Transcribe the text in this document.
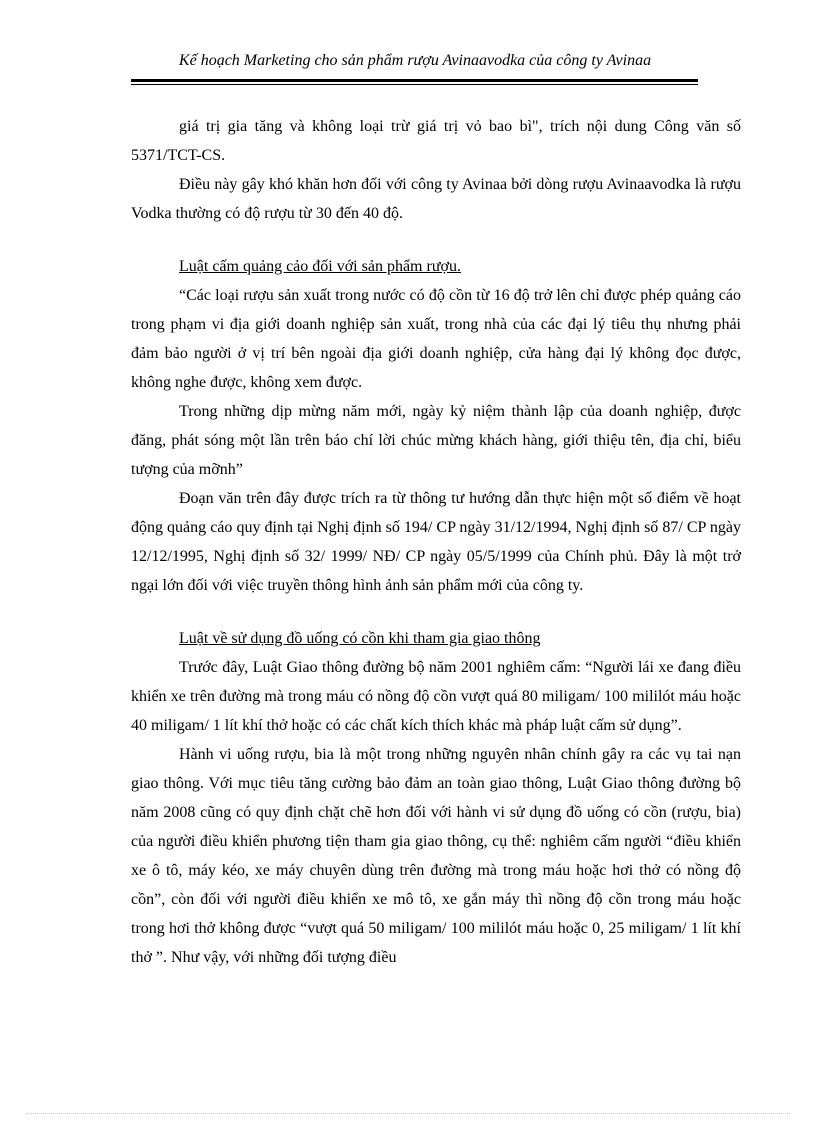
Kế hoạch Marketing cho sản phẩm rượu Avinaavodka của công ty Avinaa

giá trị gia tăng và không loại trừ giá trị vỏ bao bì", trích nội dung Công văn số 5371/TCT-CS.

Điều này gây khó khăn hơn đối với công ty Avinaa bởi dòng rượu Avinaavodka là rượu Vodka thường có độ rượu từ 30 đến 40 độ.

Luật cấm quảng cảo đối với sản phẩm rượu.

“Các loại rượu sản xuất trong nước có độ cồn từ 16 độ trở lên chỉ được phép quảng cáo trong phạm vi địa giới doanh nghiệp sản xuất, trong nhà của các đại lý tiêu thụ nhưng phải đảm bảo người ở vị trí bên ngoài địa giới doanh nghiệp, cửa hàng đại lý không đọc được, không nghe được, không xem được.

Trong những dịp mừng năm mới, ngày kỷ niệm thành lập của doanh nghiệp, được đăng, phát sóng một lần trên báo chí lời chúc mừng khách hàng, giới thiệu tên, địa chỉ, biểu tượng của mỡnh”

Đoạn văn trên đây được trích ra từ thông tư hướng dẫn thực hiện một số điểm về hoạt động quảng cáo quy định tại Nghị định số 194/ CP ngày 31/12/1994, Nghị định số 87/ CP ngày 12/12/1995, Nghị định số 32/ 1999/ NĐ/ CP ngày 05/5/1999 của Chính phủ. Đây là một trở ngại lớn đối với việc truyền thông hình ảnh sản phẩm mới của công ty.

Luật về sử dụng đồ uống có cồn khi tham gia giao thông

Trước đây, Luật Giao thông đường bộ năm 2001 nghiêm cấm: “Người lái xe đang điều khiển xe trên đường mà trong máu có nồng độ cồn vượt quá 80 miligam/ 100 mililót máu hoặc 40 miligam/ 1 lít khí thở hoặc có các chất kích thích khác mà pháp luật cấm sử dụng”.

Hành vi uống rượu, bia là một trong những nguyên nhân chính gây ra các vụ tai nạn giao thông. Với mục tiêu tăng cường bảo đảm an toàn giao thông, Luật Giao thông đường bộ năm 2008 cũng có quy định chặt chẽ hơn đối với hành vi sử dụng đồ uống có cồn (rượu, bia) của người điều khiển phương tiện tham gia giao thông, cụ thể: nghiêm cấm người “điều khiển xe ô tô, máy kéo, xe máy chuyên dùng trên đường mà trong máu hoặc hơi thở có nồng độ cồn”, còn đối với người điều khiển xe mô tô, xe gắn máy thì nồng độ cồn trong máu hoặc trong hơi thở không được “vượt quá 50 miligam/ 100 mililót máu hoặc 0, 25 miligam/ 1 lít khí thở ”. Như vậy, với những đối tượng điều
